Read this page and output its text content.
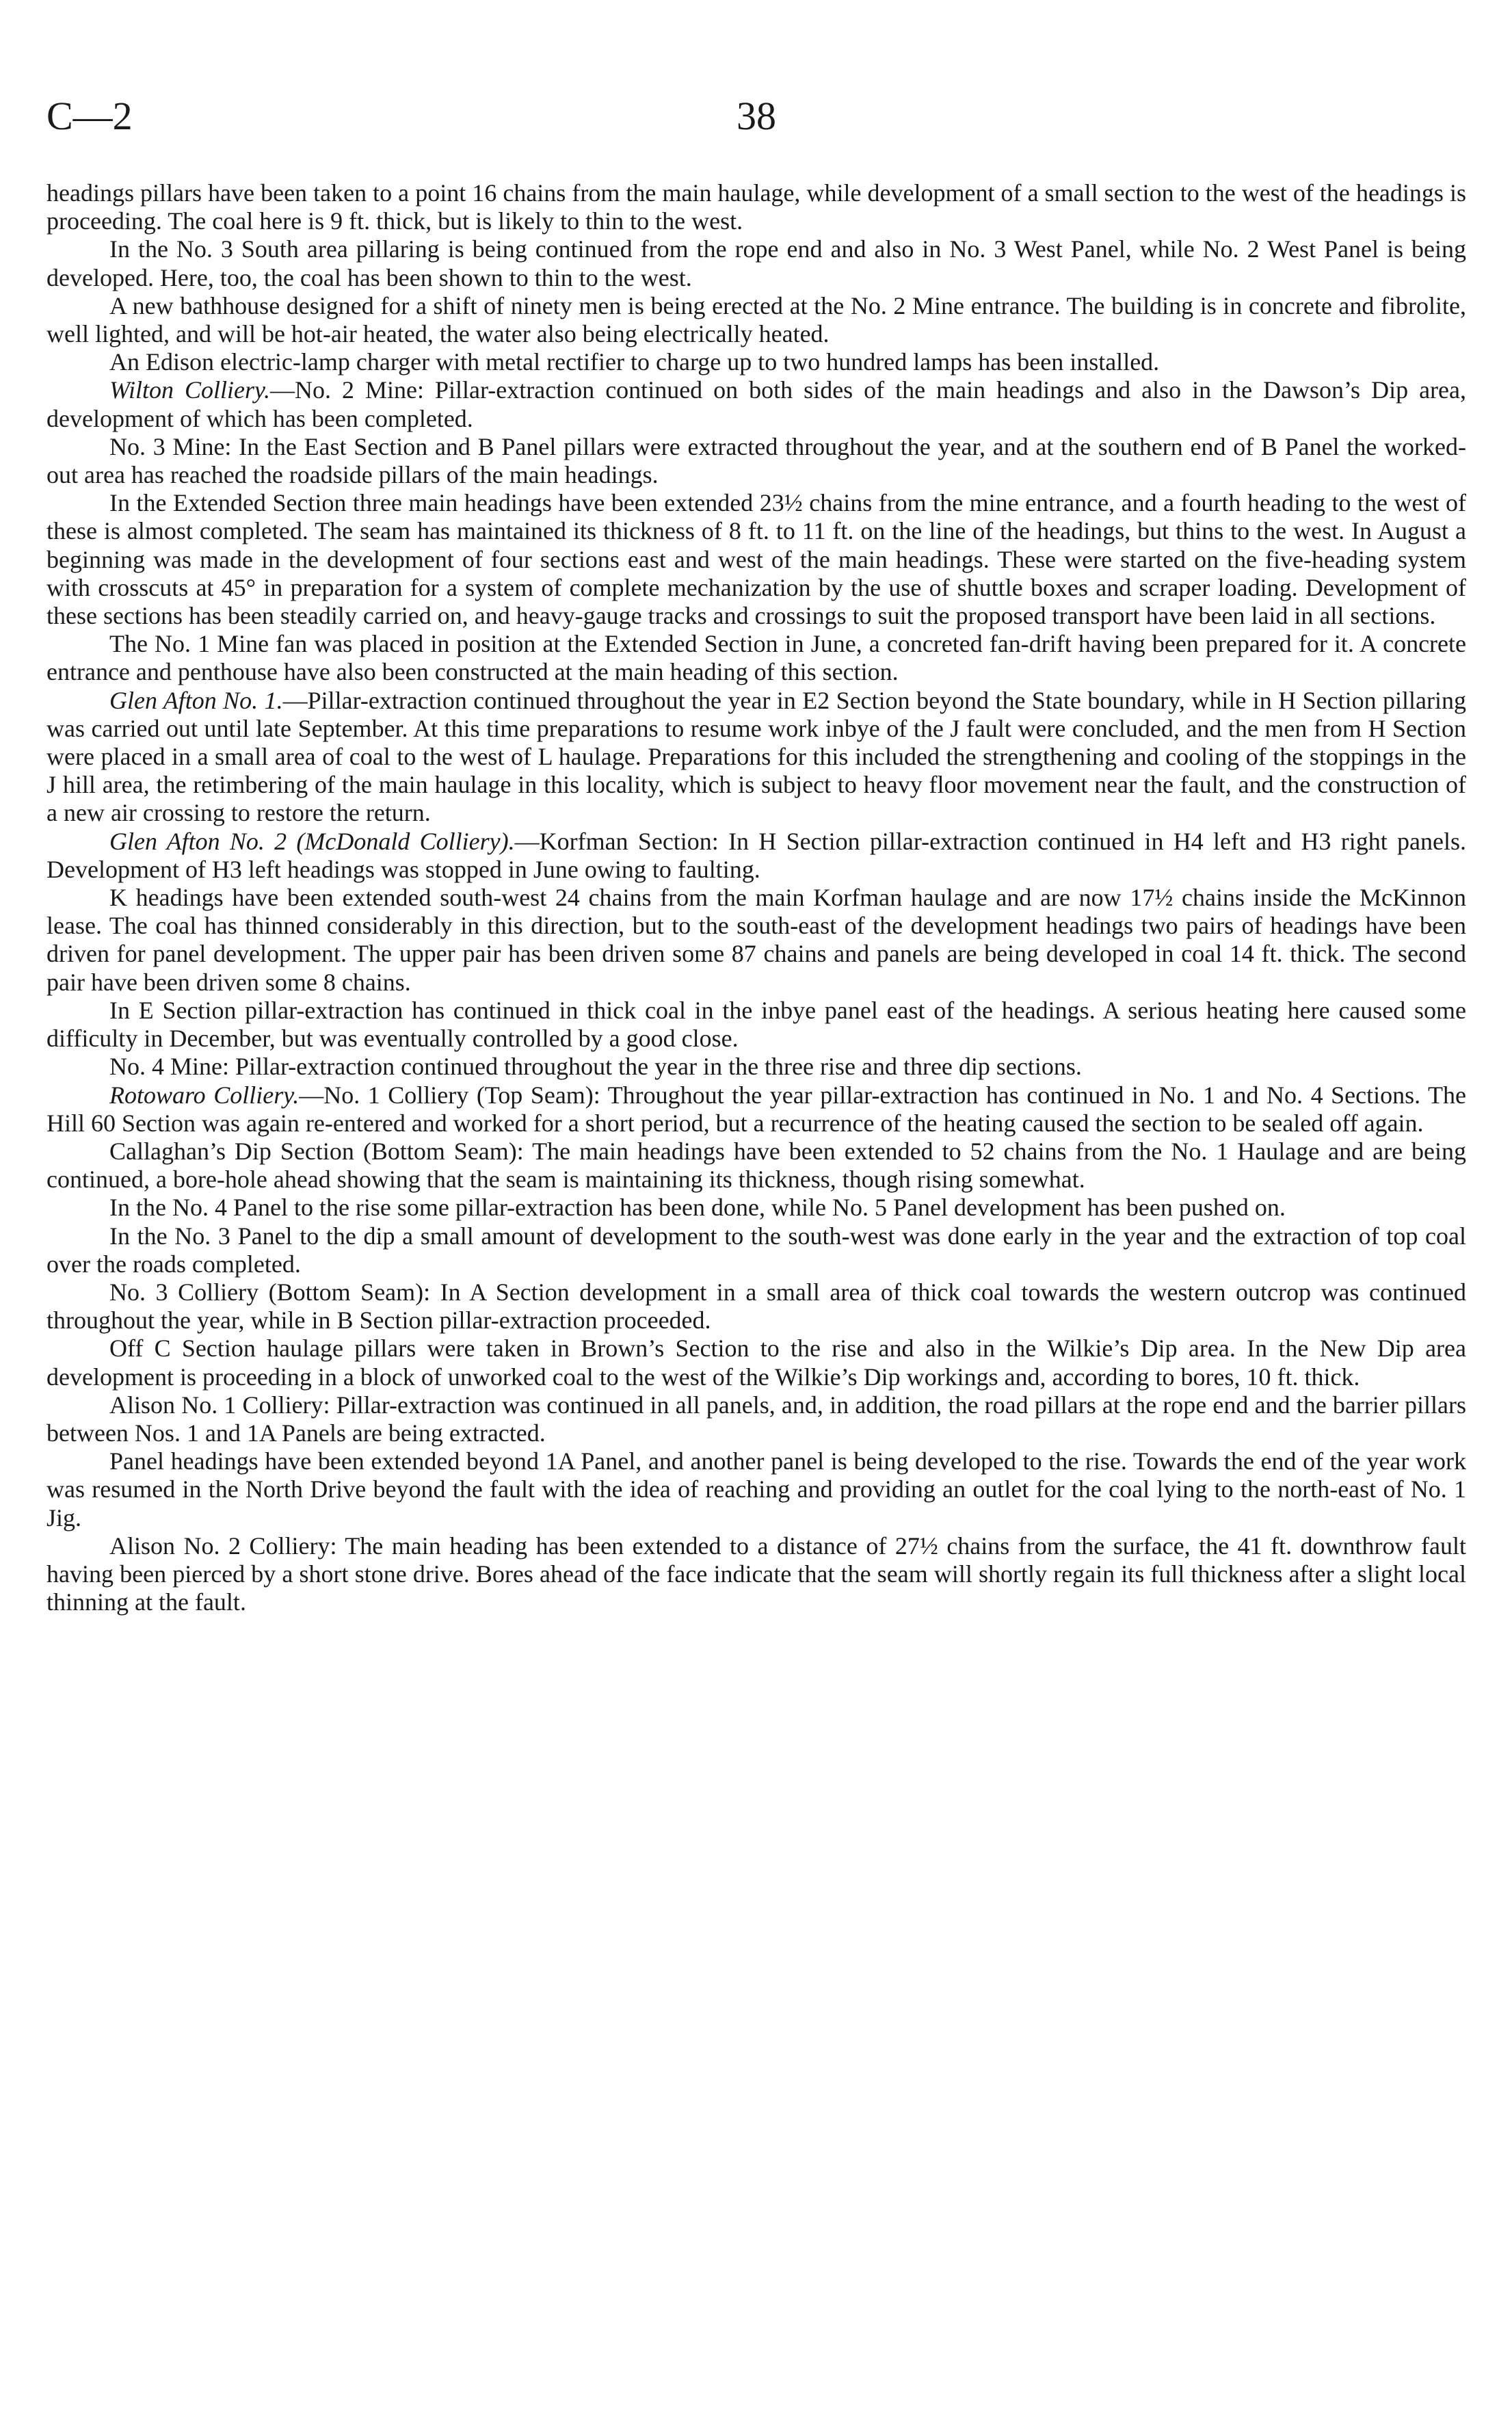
C—2	38

headings pillars have been taken to a point 16 chains from the main haulage, while development of a small section to the west of the headings is proceeding. The coal here is 9 ft. thick, but is likely to thin to the west.

In the No. 3 South area pillaring is being continued from the rope end and also in No. 3 West Panel, while No. 2 West Panel is being developed. Here, too, the coal has been shown to thin to the west.

A new bathhouse designed for a shift of ninety men is being erected at the No. 2 Mine entrance. The building is in concrete and fibrolite, well lighted, and will be hot-air heated, the water also being electrically heated.

An Edison electric-lamp charger with metal rectifier to charge up to two hundred lamps has been installed.

Wilton Colliery.—No. 2 Mine: Pillar-extraction continued on both sides of the main headings and also in the Dawson’s Dip area, development of which has been completed.

No. 3 Mine: In the East Section and B Panel pillars were extracted throughout the year, and at the southern end of B Panel the worked-out area has reached the roadside pillars of the main headings.

In the Extended Section three main headings have been extended 23½ chains from the mine entrance, and a fourth heading to the west of these is almost completed. The seam has maintained its thickness of 8 ft. to 11 ft. on the line of the headings, but thins to the west. In August a beginning was made in the development of four sections east and west of the main headings. These were started on the five-heading system with crosscuts at 45° in preparation for a system of complete mechanization by the use of shuttle boxes and scraper loading. Development of these sections has been steadily carried on, and heavy-gauge tracks and crossings to suit the proposed transport have been laid in all sections.

The No. 1 Mine fan was placed in position at the Extended Section in June, a concreted fan-drift having been prepared for it. A concrete entrance and penthouse have also been constructed at the main heading of this section.

Glen Afton No. 1.—Pillar-extraction continued throughout the year in E2 Section beyond the State boundary, while in H Section pillaring was carried out until late September. At this time preparations to resume work inbye of the J fault were concluded, and the men from H Section were placed in a small area of coal to the west of L haulage. Preparations for this included the strengthening and cooling of the stoppings in the J hill area, the retimbering of the main haulage in this locality, which is subject to heavy floor movement near the fault, and the construction of a new air crossing to restore the return.

Glen Afton No. 2 (McDonald Colliery).—Korfman Section: In H Section pillar-extraction continued in H4 left and H3 right panels. Development of H3 left headings was stopped in June owing to faulting.

K headings have been extended south-west 24 chains from the main Korfman haulage and are now 17½ chains inside the McKinnon lease. The coal has thinned considerably in this direction, but to the south-east of the development headings two pairs of headings have been driven for panel development. The upper pair has been driven some 87 chains and panels are being developed in coal 14 ft. thick. The second pair have been driven some 8 chains.

In E Section pillar-extraction has continued in thick coal in the inbye panel east of the headings. A serious heating here caused some difficulty in December, but was eventually controlled by a good close.

No. 4 Mine: Pillar-extraction continued throughout the year in the three rise and three dip sections.

Rotowaro Colliery.—No. 1 Colliery (Top Seam): Throughout the year pillar-extraction has continued in No. 1 and No. 4 Sections. The Hill 60 Section was again re-entered and worked for a short period, but a recurrence of the heating caused the section to be sealed off again.

Callaghan’s Dip Section (Bottom Seam): The main headings have been extended to 52 chains from the No. 1 Haulage and are being continued, a bore-hole ahead showing that the seam is maintaining its thickness, though rising somewhat.

In the No. 4 Panel to the rise some pillar-extraction has been done, while No. 5 Panel development has been pushed on.

In the No. 3 Panel to the dip a small amount of development to the south-west was done early in the year and the extraction of top coal over the roads completed.

No. 3 Colliery (Bottom Seam): In A Section development in a small area of thick coal towards the western outcrop was continued throughout the year, while in B Section pillar-extraction proceeded.

Off C Section haulage pillars were taken in Brown’s Section to the rise and also in the Wilkie’s Dip area. In the New Dip area development is proceeding in a block of unworked coal to the west of the Wilkie’s Dip workings and, according to bores, 10 ft. thick.

Alison No. 1 Colliery: Pillar-extraction was continued in all panels, and, in addition, the road pillars at the rope end and the barrier pillars between Nos. 1 and 1A Panels are being extracted.

Panel headings have been extended beyond 1A Panel, and another panel is being developed to the rise. Towards the end of the year work was resumed in the North Drive beyond the fault with the idea of reaching and providing an outlet for the coal lying to the north-east of No. 1 Jig.

Alison No. 2 Colliery: The main heading has been extended to a distance of 27½ chains from the surface, the 41 ft. downthrow fault having been pierced by a short stone drive. Bores ahead of the face indicate that the seam will shortly regain its full thickness after a slight local thinning at the fault.
